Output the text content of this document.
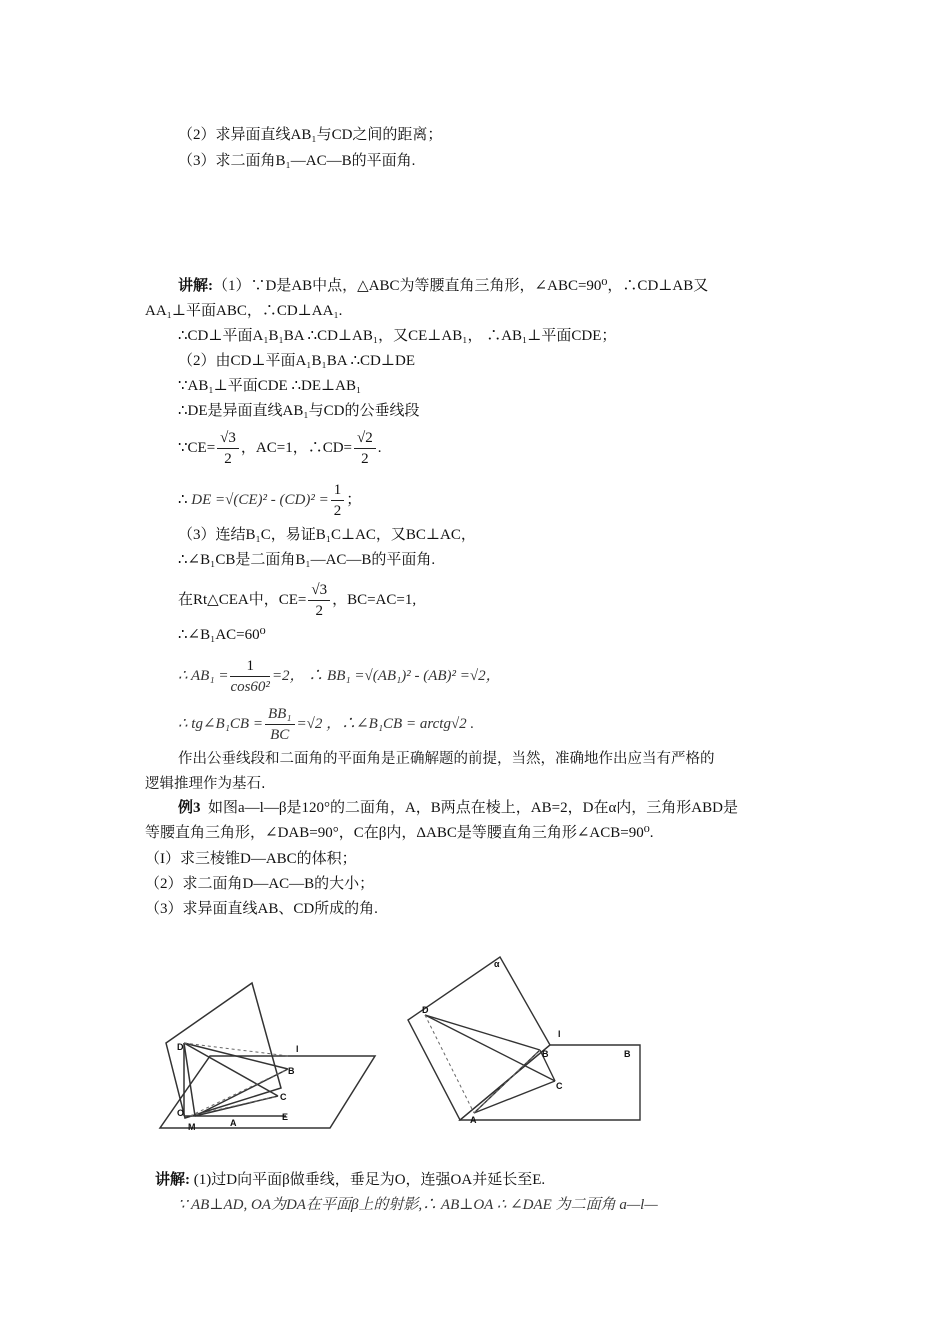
（2）求异面直线AB₁与CD之间的距离；
（3）求二面角B₁—AC—B的平面角.
讲解:（1）∵D是AB中点，△ABC为等腰直角三角形，∠ABC=90⁰，∴CD⊥AB又
AA₁⊥平面ABC，∴CD⊥AA₁.
∴CD⊥平面A₁B₁BA ∴CD⊥AB₁，又CE⊥AB₁， ∴AB₁⊥平面CDE；
（2）由CD⊥平面A₁B₁BA ∴CD⊥DE
∵AB₁⊥平面CDE ∴DE⊥AB₁
∴DE是异面直线AB₁与CD的公垂线段
∵CE= $\frac{√3}{2}$ ，AC=1，∴CD= $\frac{√2}{2}$ .
∴ DE $=√(CE)^2 - (CD)^2 = \frac{1}{2}$ ；
（3）连结B₁C，易证B₁C⊥AC，又BC⊥AC，
∴∠B₁CB是二面角B₁—AC—B的平面角.
在Rt△CEA中，$CE= \frac{√3}{2}$ ，BC=AC=1,
∴∠B₁AC=60⁰
∴ $AB_1 = \frac{1}{\text{cos60²}} =2$， ∴ BB₁ =√(AB₁)² - (AB)² =√2，
∴ tg∠B₁CB = $\frac{\text{BB₁}}{BC} =√2$ ，∴∠B₁CB = arctg√2 .
作出公垂线段和二面角的平面角是正确解题的前提，当然，准确地作出应当有严格的
逻辑推理作为基石.
例3 如图a—l—β是120°的二面角，A，B两点在棱上，AB=2，D在α内，三角形ABD是
等腰直角三角形，∠DAB=90°，C在β内，ΔABC是等腰直角三角形∠ACB=90⁰.
（I）求三棱锥D—ABC的体积；
（2）求二面角D—AC—B的大小；
（3）求异面直线AB、CD所成的角.
D	l
B
C
O
M	A
E
α
D
l
B
C
A
B
讲解: (1)过D向平面β做垂线，垂足为O，连强OA并延长至E.
∵ AB⊥AD, OA为DA在平面β上的射影,∴ AB⊥OA ∴ ∠DAE 为二面角 a—l—
